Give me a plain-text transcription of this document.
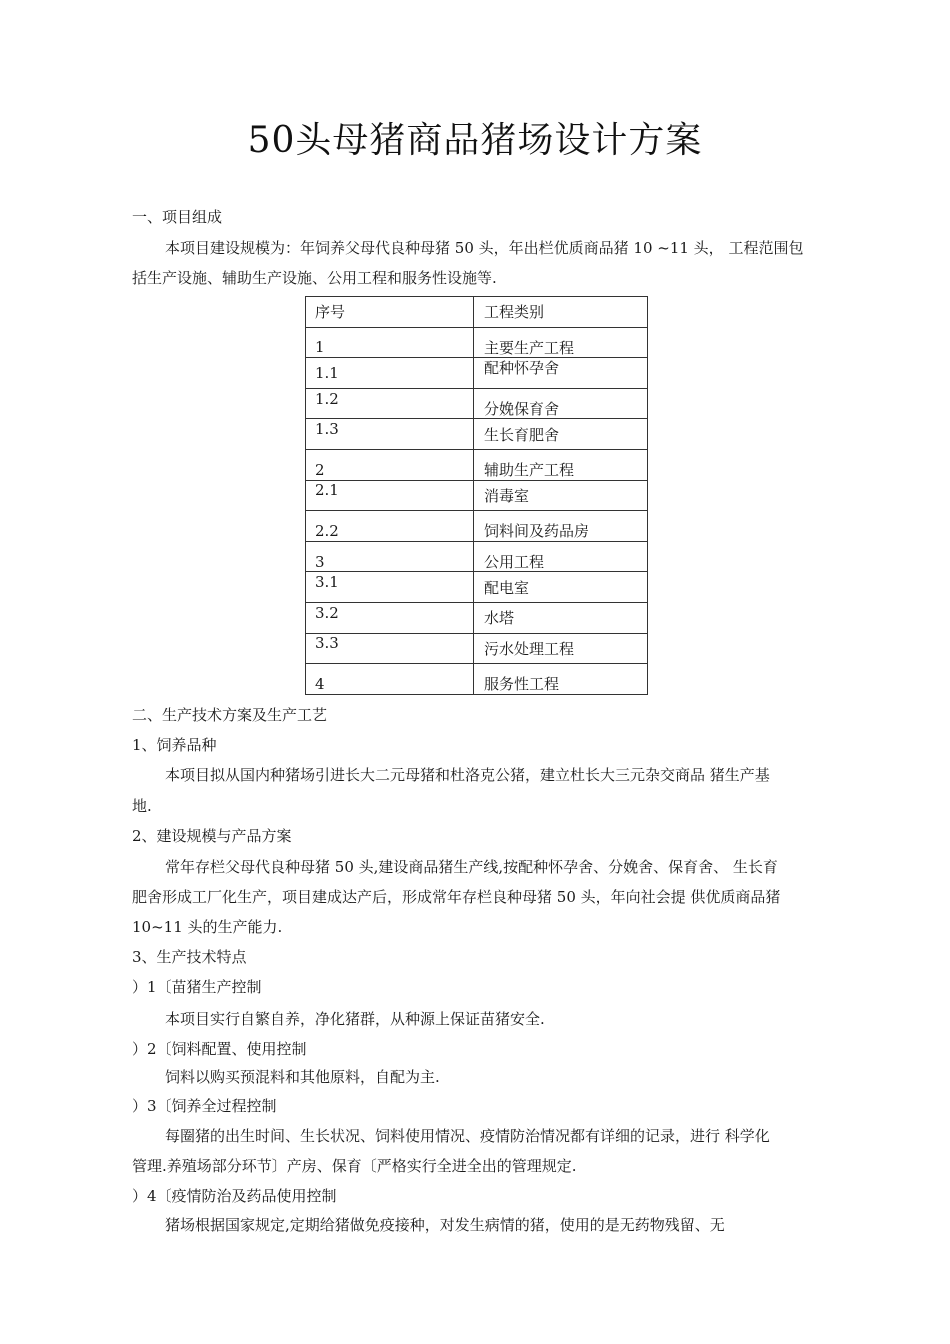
50头母猪商品猪场设计方案
一、项目组成
本项目建设规模为：年饲养父母代良种母猪 50 头，年出栏优质商品猪 10 ~11 头， 工程范围包
括生产设施、辅助生产设施、公用工程和服务性设施等.
序号	工程类别
1	主要生产工程
1.1	配种怀孕舍
1.2	分娩保育舍
1.3	生长育肥舍
2	辅助生产工程
2.1	消毒室
2.2	饲料间及药品房
3	公用工程
3.1	配电室
3.2	水塔
3.3	污水处理工程
4	服务性工程
二、生产技术方案及生产工艺
1、饲养品种
本项目拟从国内种猪场引进长大二元母猪和杜洛克公猪，建立杜长大三元杂交商品 猪生产基
地.
2、建设规模与产品方案
常年存栏父母代良种母猪 50 头,建设商品猪生产线,按配种怀孕舍、分娩舍、保育舍、 生长育
肥舍形成工厂化生产，项目建成达产后，形成常年存栏良种母猪 50 头，年向社会提 供优质商品猪
10~11 头的生产能力.
3、生产技术特点
）1〔苗猪生产控制
本项目实行自繁自养，净化猪群，从种源上保证苗猪安全.
）2〔饲料配置、使用控制
饲料以购买预混料和其他原料，自配为主.
）3〔饲养全过程控制
每圈猪的出生时间、生长状况、饲料使用情况、疫情防治情况都有详细的记录，进行 科学化
管理.养殖场部分环节〕产房、保育〔严格实行全进全出的管理规定.
）4〔疫情防治及药品使用控制
猪场根据国家规定,定期给猪做免疫接种，对发生病情的猪，使用的是无药物残留、无
